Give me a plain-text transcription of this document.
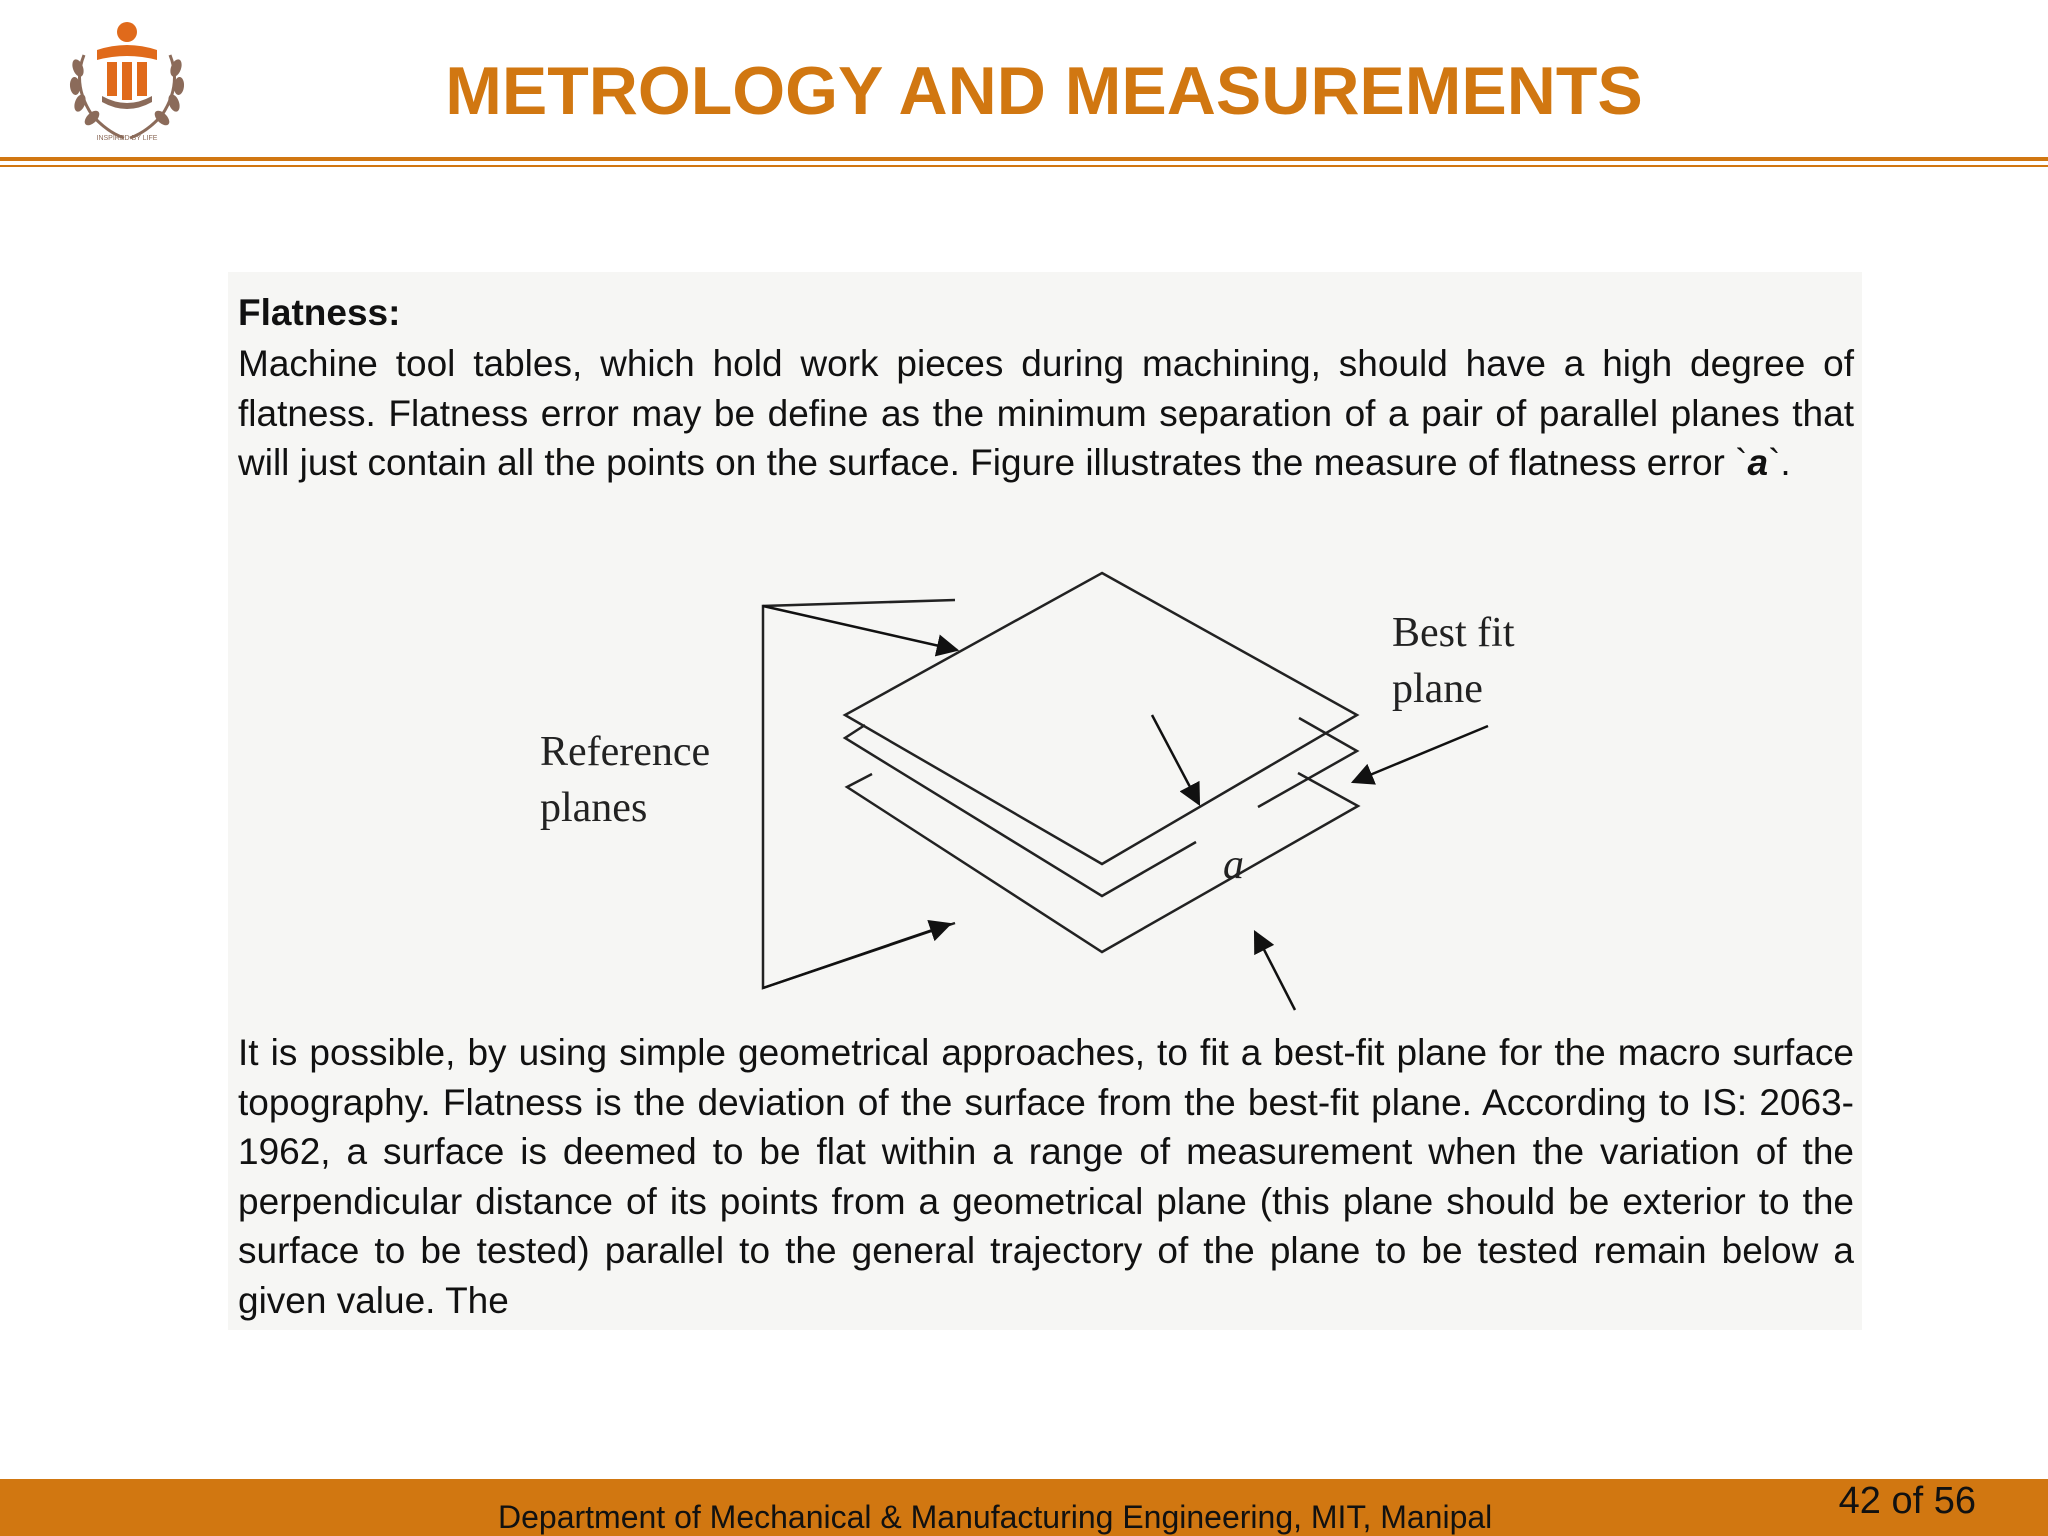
INSPIRED BY LIFE
METROLOGY AND MEASUREMENTS
Flatness:

Machine tool tables, which hold work pieces during machining, should have a high degree of flatness. Flatness error may be define as the minimum separation of a pair of parallel planes that will just contain all the points on the surface. Figure illustrates the measure of flatness error `a`.

Best fit
plane
Reference
planes
a

It is possible, by using simple geometrical approaches, to fit a best-fit plane for the macro surface topography. Flatness is the deviation of the surface from the best-fit plane. According to IS: 2063-1962, a surface is deemed to be flat within a range of measurement when the variation of the perpendicular distance of its points from a geometrical plane (this plane should be exterior to the surface to be tested) parallel to the general trajectory of the plane to be tested remain below a given value. The

Department of Mechanical & Manufacturing Engineering, MIT, Manipal	42 of 56
